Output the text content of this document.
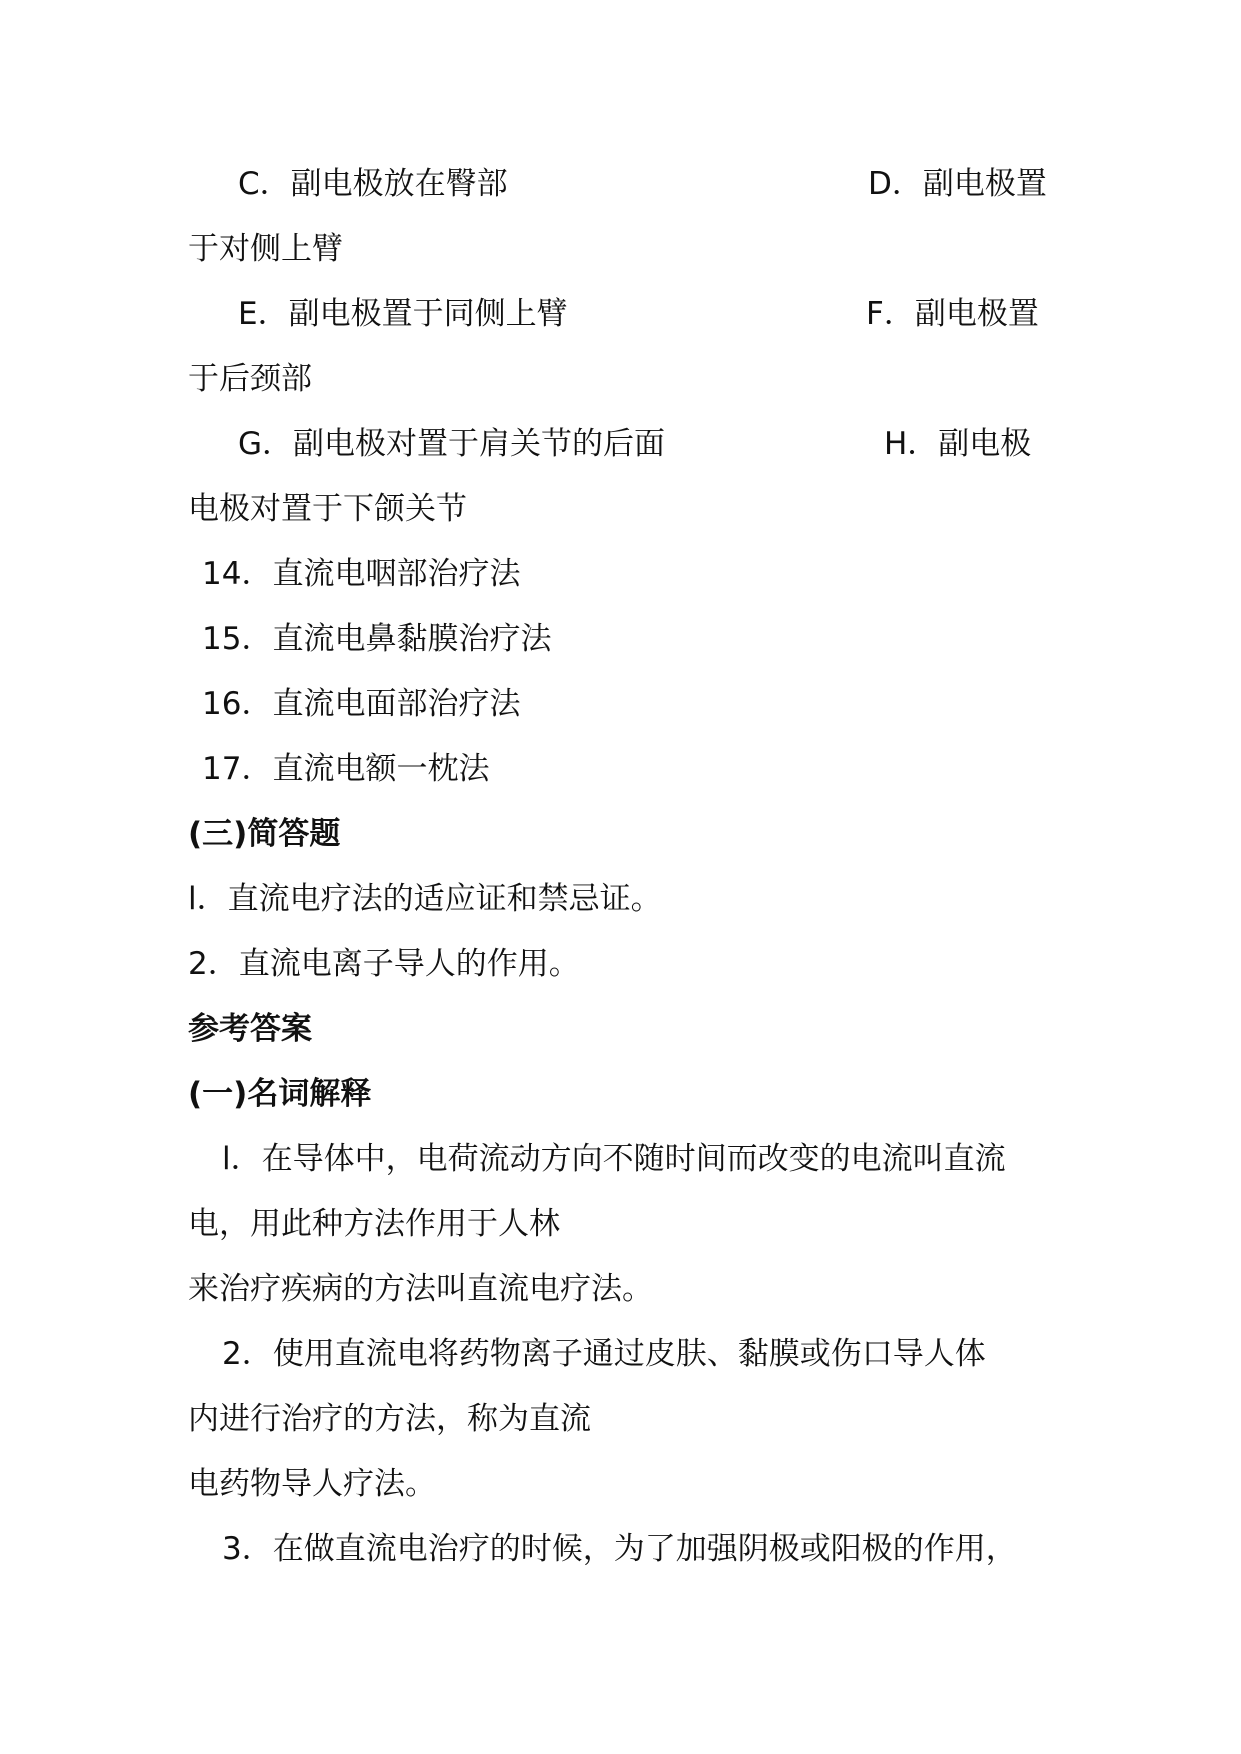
C．副电极放在臀部	D．副电极置
于对侧上臂
E．副电极置于同侧上臂	F．副电极置
于后颈部
G．副电极对置于肩关节的后面	H．副电极
电极对置于下颌关节
14．直流电咽部治疗法
15．直流电鼻黏膜治疗法
16．直流电面部治疗法
17．直流电额一枕法
(三)简答题
l．直流电疗法的适应证和禁忌证。
2．直流电离子导人的作用。
参考答案
(一)名词解释
l．在导体中，电荷流动方向不随时间而改变的电流叫直流
电，用此种方法作用于人林
来治疗疾病的方法叫直流电疗法。
2．使用直流电将药物离子通过皮肤、黏膜或伤口导人体
内进行治疗的方法，称为直流
电药物导人疗法。
3．在做直流电治疗的时候，为了加强阴极或阳极的作用，
